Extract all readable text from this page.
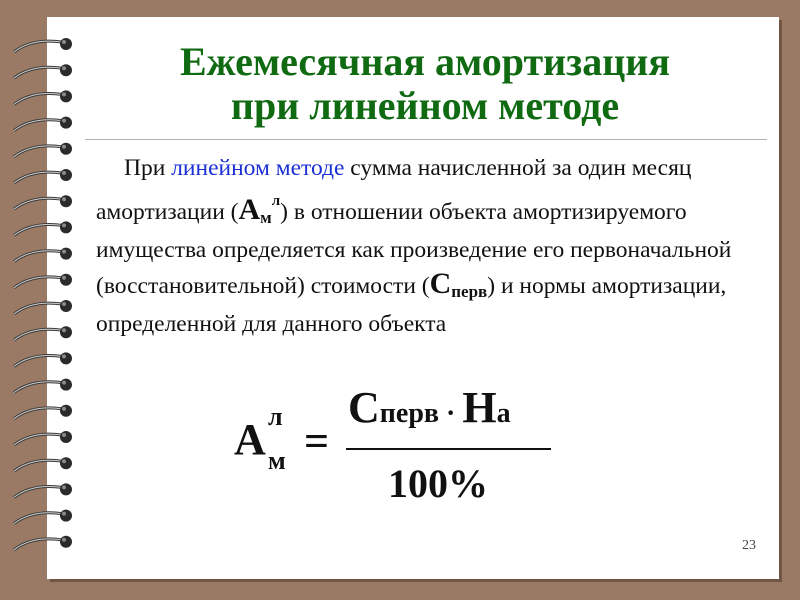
Ежемесячная амортизация
при линейном методе

При линейном методе сумма начисленной за один месяц амортизации $(А_м^л)$ в отношении объекта амортизируемого имущества определяется как произведение его первоначальной (восстановительной) стоимости $(С_{перв})$ и нормы амортизации, определенной для данного объекта

А л
м =
Сперв · На
100%
23
